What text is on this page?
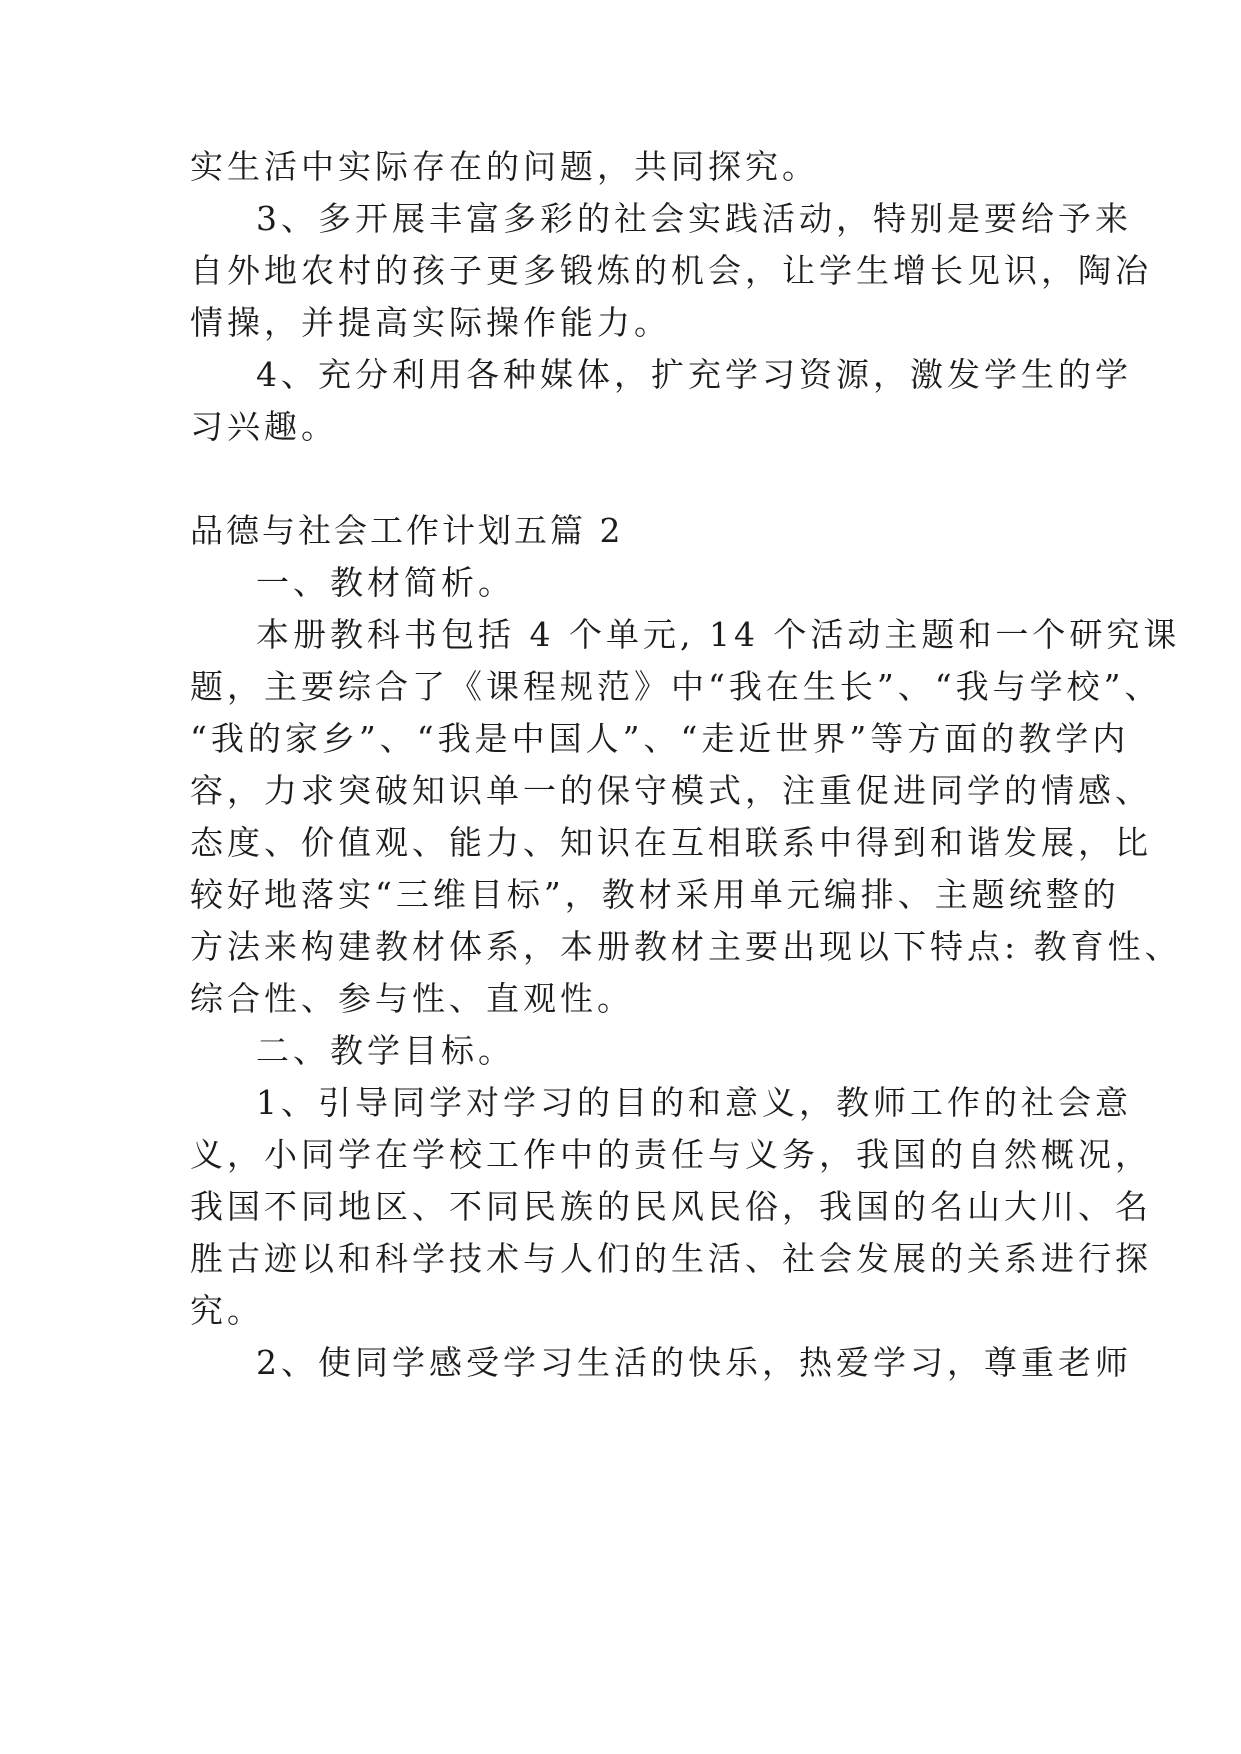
实生活中实际存在的问题，共同探究。
3、多开展丰富多彩的社会实践活动，特别是要给予来
自外地农村的孩子更多锻炼的机会，让学生增长见识，陶冶
情操，并提高实际操作能力。
4、充分利用各种媒体，扩充学习资源，激发学生的学
习兴趣。
品德与社会工作计划五篇 2
一、教材简析。
本册教科书包括 4 个单元, 14 个活动主题和一个研究课
题，主要综合了《课程规范》中“我在生长”、“我与学校”、
“我的家乡”、“我是中国人”、“走近世界”等方面的教学内
容，力求突破知识单一的保守模式，注重促进同学的情感、
态度、价值观、能力、知识在互相联系中得到和谐发展，比
较好地落实“三维目标”，教材采用单元编排、主题统整的
方法来构建教材体系，本册教材主要出现以下特点: 教育性、
综合性、参与性、直观性。
二、教学目标。
1、引导同学对学习的目的和意义，教师工作的社会意
义，小同学在学校工作中的责任与义务，我国的自然概况，
我国不同地区、不同民族的民风民俗，我国的名山大川、名
胜古迹以和科学技术与人们的生活、社会发展的关系进行探
究。
2、使同学感受学习生活的快乐，热爱学习，尊重老师
